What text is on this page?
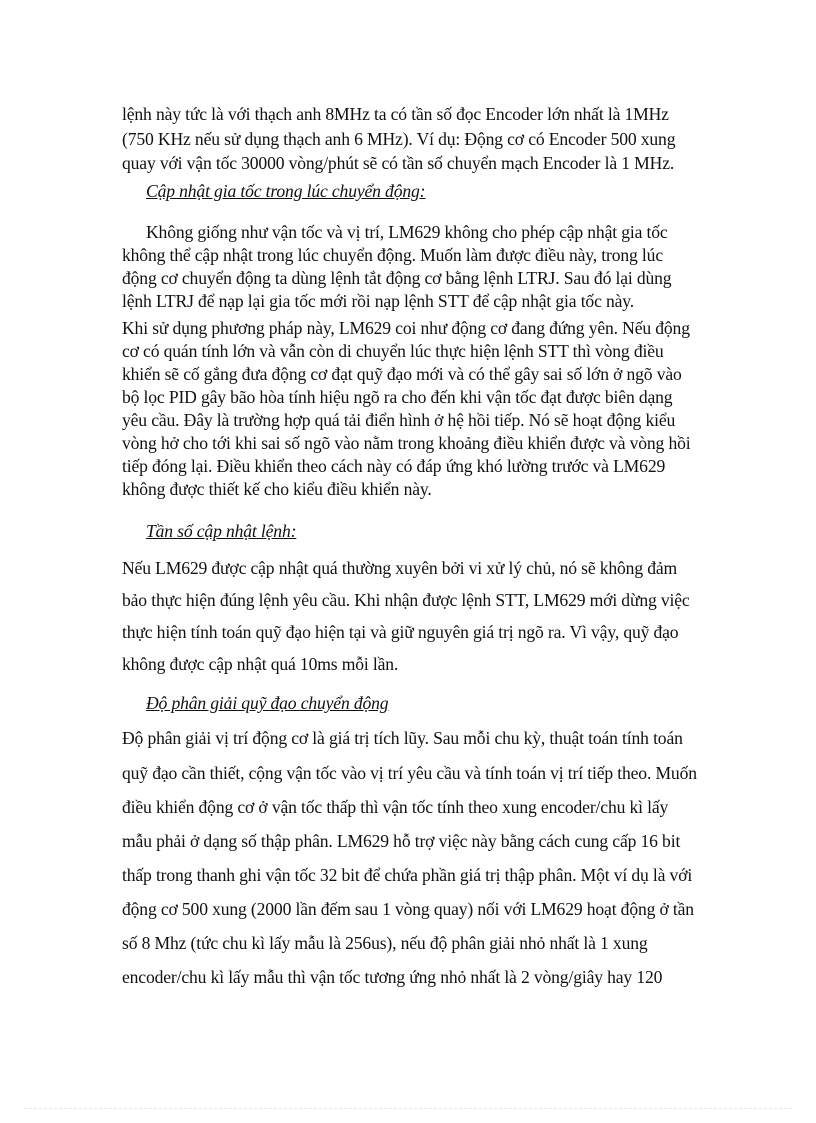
lệnh này tức là với thạch anh 8MHz ta có tần số đọc Encoder lớn nhất là 1MHz
(750 KHz nếu sử dụng thạch anh 6 MHz). Ví dụ: Động cơ có Encoder 500 xung
quay với vận tốc 30000 vòng/phút sẽ có tần số chuyển mạch Encoder là 1 MHz.
Cập nhật gia tốc trong lúc chuyển động:
Không giống như vận tốc và vị trí, LM629 không cho phép cập nhật gia tốc
không thể cập nhật trong lúc chuyển động. Muốn làm được điều này, trong lúc
động cơ chuyển động ta dùng lệnh tắt động cơ bằng lệnh LTRJ. Sau đó lại dùng
lệnh LTRJ để nạp lại gia tốc mới rồi nạp lệnh STT để cập nhật gia tốc này.
Khi sử dụng phương pháp này, LM629 coi như động cơ đang đứng yên. Nếu động
cơ có quán tính lớn và vẫn còn di chuyển lúc thực hiện lệnh STT thì vòng điều
khiển sẽ cố gắng đưa động cơ đạt quỹ đạo mới và có thể gây sai số lớn ở ngõ vào
bộ lọc PID gây bão hòa tính hiệu ngõ ra cho đến khi vận tốc đạt được biên dạng
yêu cầu. Đây là trường hợp quá tải điển hình ở hệ hồi tiếp. Nó sẽ hoạt động kiểu
vòng hở cho tới khi sai số ngõ vào nằm trong khoảng điều khiển được và vòng hồi
tiếp đóng lại. Điều khiển theo cách này có đáp ứng khó lường trước và LM629
không được thiết kế cho kiểu điều khiển này.
Tần số cập nhật lệnh:
Nếu LM629 được cập nhật quá thường xuyên bởi vi xử lý chủ, nó sẽ không đảm
bảo thực hiện đúng lệnh yêu cầu. Khi nhận được lệnh STT, LM629 mới dừng việc
thực hiện tính toán quỹ đạo hiện tại và giữ nguyên giá trị ngõ ra. Vì vậy, quỹ đạo
không được cập nhật quá 10ms mỗi lần.
Độ phân giải quỹ đạo chuyển động
Độ phân giải vị trí động cơ là giá trị tích lũy. Sau mỗi chu kỳ, thuật toán tính toán
quỹ đạo cần thiết, cộng vận tốc vào vị trí yêu cầu và tính toán vị trí tiếp theo. Muốn
điều khiển động cơ ở vận tốc thấp thì vận tốc tính theo xung encoder/chu kì lấy
mẫu phải ở dạng số thập phân. LM629 hỗ trợ việc này bằng cách cung cấp 16 bit
thấp trong thanh ghi vận tốc 32 bit để chứa phần giá trị thập phân. Một ví dụ là với
động cơ 500 xung (2000 lần đếm sau 1 vòng quay) nối với LM629 hoạt động ở tần
số 8 Mhz (tức chu kì lấy mẫu là 256us), nếu độ phân giải nhỏ nhất là 1 xung
encoder/chu kì lấy mẫu thì vận tốc tương ứng nhỏ nhất là 2 vòng/giây hay 120
